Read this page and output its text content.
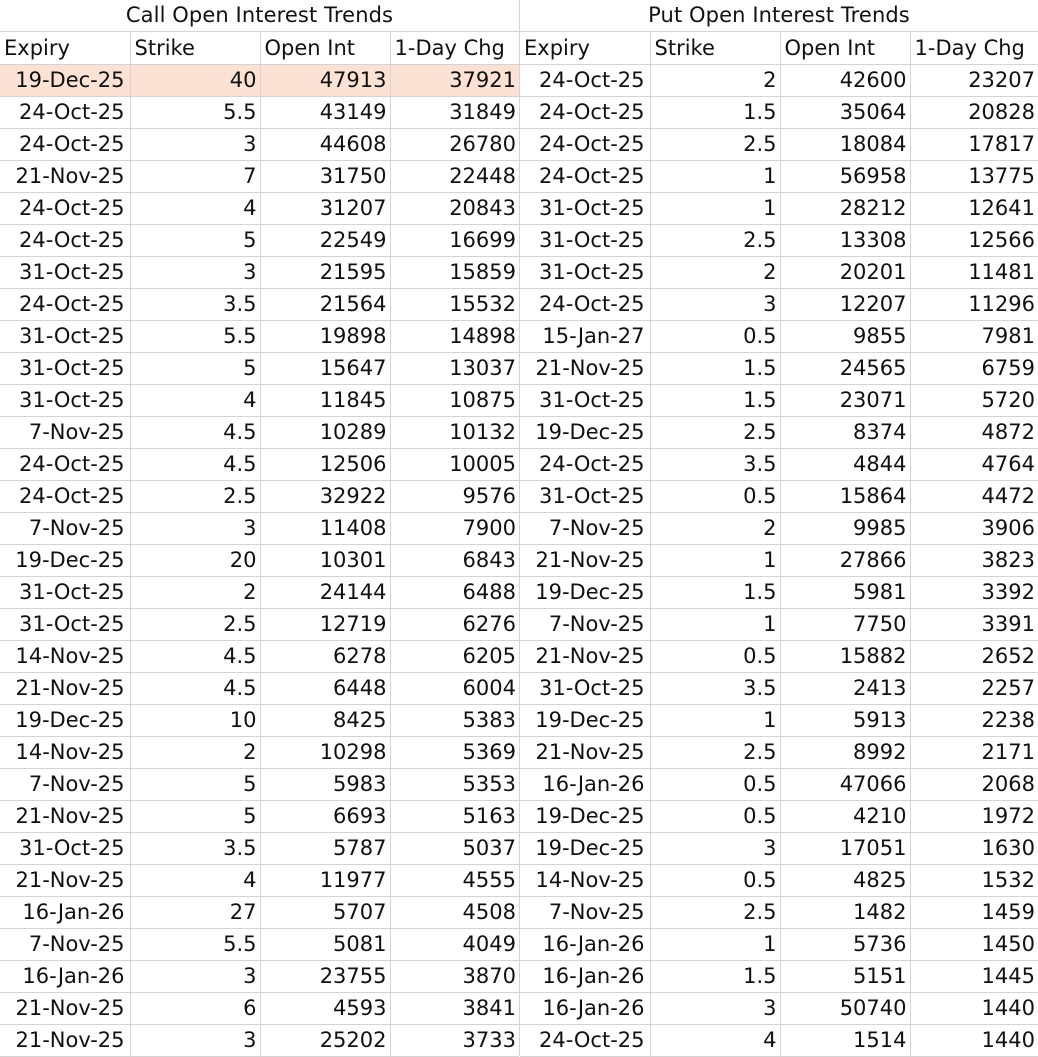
Call Open Interest Trends
Expiry	Strike	Open Int	1-Day Chg
19-Dec-25	40	47913	37921
24-Oct-25	5.5	43149	31849
24-Oct-25	3	44608	26780
21-Nov-25	7	31750	22448
24-Oct-25	4	31207	20843
24-Oct-25	5	22549	16699
31-Oct-25	3	21595	15859
24-Oct-25	3.5	21564	15532
31-Oct-25	5.5	19898	14898
31-Oct-25	5	15647	13037
31-Oct-25	4	11845	10875
7-Nov-25	4.5	10289	10132
24-Oct-25	4.5	12506	10005
24-Oct-25	2.5	32922	9576
7-Nov-25	3	11408	7900
19-Dec-25	20	10301	6843
31-Oct-25	2	24144	6488
31-Oct-25	2.5	12719	6276
14-Nov-25	4.5	6278	6205
21-Nov-25	4.5	6448	6004
19-Dec-25	10	8425	5383
14-Nov-25	2	10298	5369
7-Nov-25	5	5983	5353
21-Nov-25	5	6693	5163
31-Oct-25	3.5	5787	5037
21-Nov-25	4	11977	4555
16-Jan-26	27	5707	4508
7-Nov-25	5.5	5081	4049
16-Jan-26	3	23755	3870
21-Nov-25	6	4593	3841
21-Nov-25	3	25202	3733
Put Open Interest Trends
Expiry	Strike	Open Int	1-Day Chg
24-Oct-25	2	42600	23207
24-Oct-25	1.5	35064	20828
24-Oct-25	2.5	18084	17817
24-Oct-25	1	56958	13775
31-Oct-25	1	28212	12641
31-Oct-25	2.5	13308	12566
31-Oct-25	2	20201	11481
24-Oct-25	3	12207	11296
15-Jan-27	0.5	9855	7981
21-Nov-25	1.5	24565	6759
31-Oct-25	1.5	23071	5720
19-Dec-25	2.5	8374	4872
24-Oct-25	3.5	4844	4764
31-Oct-25	0.5	15864	4472
7-Nov-25	2	9985	3906
21-Nov-25	1	27866	3823
19-Dec-25	1.5	5981	3392
7-Nov-25	1	7750	3391
21-Nov-25	0.5	15882	2652
31-Oct-25	3.5	2413	2257
19-Dec-25	1	5913	2238
21-Nov-25	2.5	8992	2171
16-Jan-26	0.5	47066	2068
19-Dec-25	0.5	4210	1972
19-Dec-25	3	17051	1630
14-Nov-25	0.5	4825	1532
7-Nov-25	2.5	1482	1459
16-Jan-26	1	5736	1450
16-Jan-26	1.5	5151	1445
16-Jan-26	3	50740	1440
24-Oct-25	4	1514	1440
